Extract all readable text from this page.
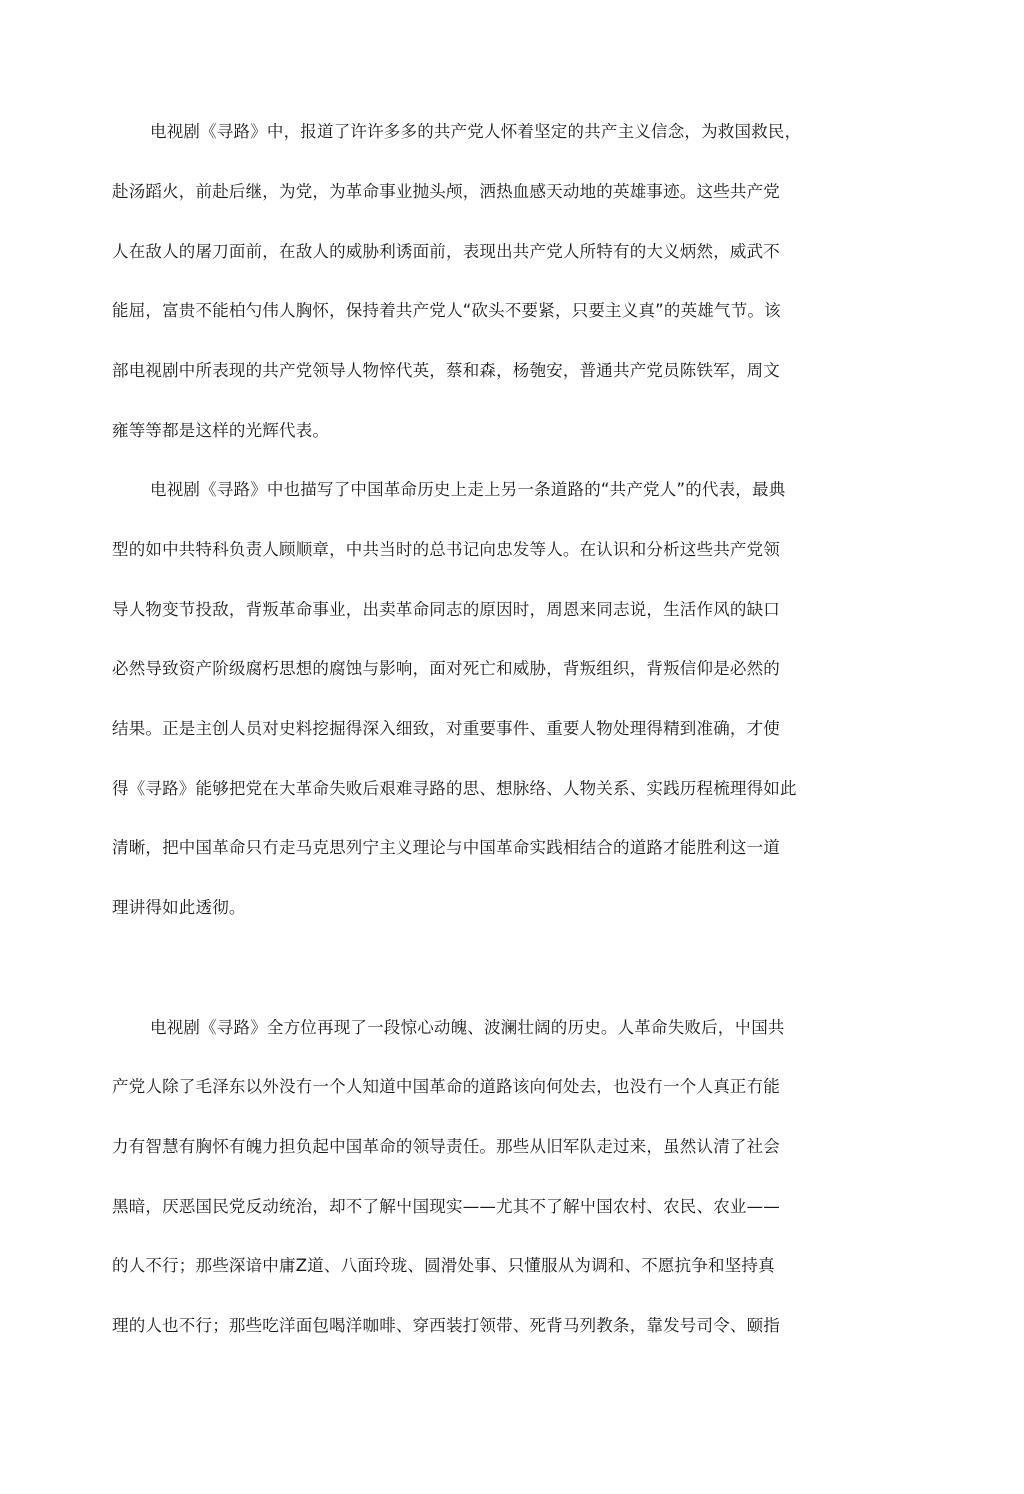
电视剧《寻路》中，报道了许许多多的共产党人怀着坚定的共产主义信念，为救国救民，
赴汤蹈火，前赴后继，为党，为革命事业抛头颅，洒热血感天动地的英雄事迹。这些共产党
人在敌人的屠刀面前，在敌人的威胁利诱面前，表现出共产党人所特有的大义炳然，威武不
能屈，富贵不能柏勺伟人胸怀，保持着共产党人“砍头不要紧，只要主义真”的英雄气节。该
部电视剧中所表现的共产党领导人物悴代英，蔡和森，杨匏安，普通共产党员陈铁军，周文
雍等等都是这样的光辉代表。
电视剧《寻路》中也描写了中国革命历史上走上另一条道路的“共产党人”的代表，最典
型的如中共特科负责人顾顺章，中共当时的总书记向忠发等人。在认识和分析这些共产党领
导人物变节投敌，背叛革命事业，出卖革命同志的原因时，周恩来同志说，生活作风的缺口
必然导致资产阶级腐朽思想的腐蚀与影响，面对死亡和威胁，背叛组织，背叛信仰是必然的
结果。正是主创人员对史料挖掘得深入细致，对重要事件、重要人物处理得精到准确，才使
得《寻路》能够把党在大革命失败后艰难寻路的思、想脉络、人物关系、实践历程梳理得如此
清晰，把中国革命只冇走马克思列宁主义理论与中国革命实践相结合的道路才能胜利这一道
理讲得如此透彻。
电视剧《寻路》全方位再现了一段惊心动魄、波澜壮阔的历史。人革命失败后，屮国共
产党人除了毛泽东以外没冇一个人知道中国革命的道路该向何处去，也没冇一个人真正冇能
力有智慧有胸怀有魄力担负起中国革命的领导责任。那些从旧军队走过来，虽然认清了社会
黑暗，厌恶国民党反动统治，却不了解屮国现实——尤其不了解屮国农村、农民、农业——
的人不行；那些深谙中庸Z道、八面玲珑、圆滑处事、只懂服从为调和、不愿抗争和坚持真
理的人也不行；那些吃洋面包喝洋咖啡、穿西装打领带、死背马列教条，靠发号司令、颐指
